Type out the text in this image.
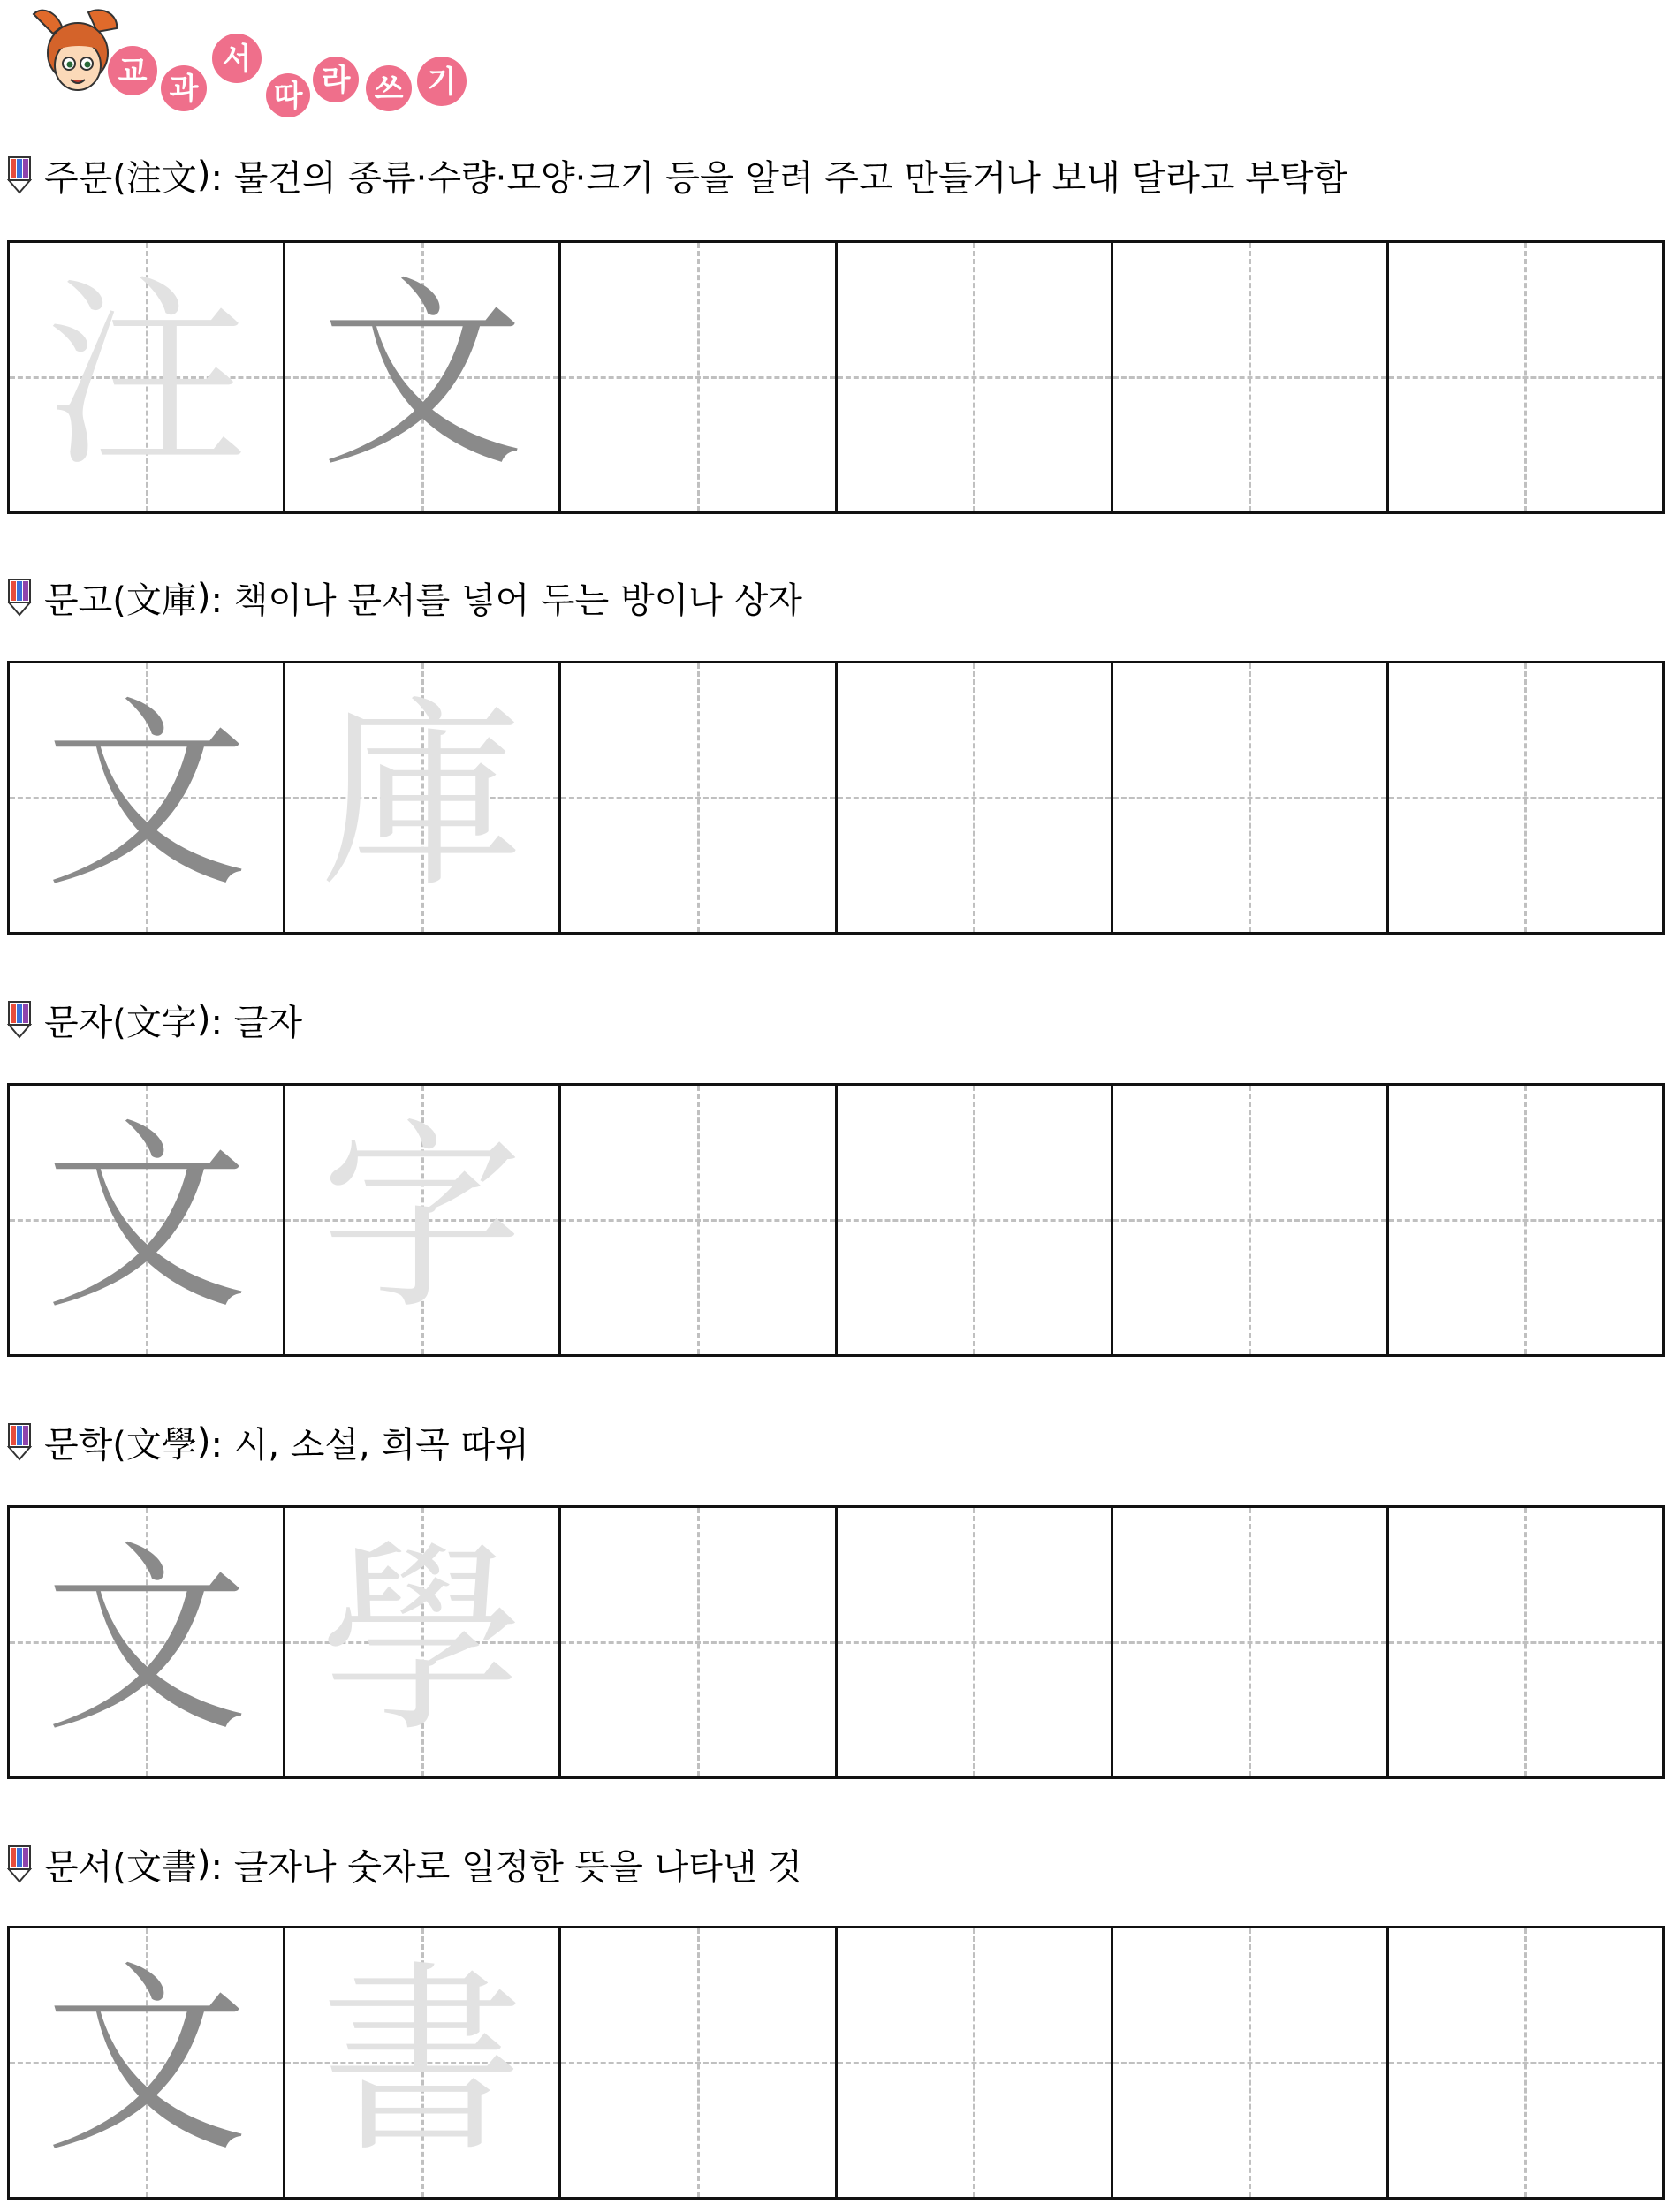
교 과
서
따 라 쓰 기
주문( 注文 ) : 물건의 종류·수량·모양·크기 등을 알려 주고 만들거나 보내 달라고 부탁함
注 文
문고( 文庫 ) : 책이나 문서를 넣어 두는 방이나 상자
文 庫
문자( 文字 ) : 글자
文 字
문학( 文學 ) : 시, 소설, 희곡 따위
文 學
문서( 文書 ) : 글자나 숫자로 일정한 뜻을 나타낸 것
文 書
